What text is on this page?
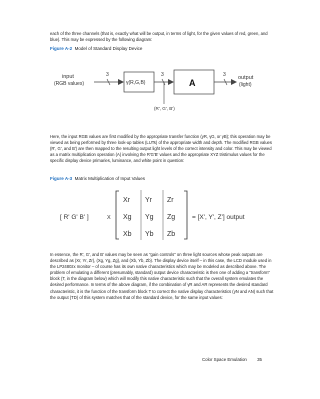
each of the three channels (that is, exactly what will be output, in terms of light, for the given values of red, green, and blue). This may be expressed by the following diagram:

Figure A-2 Model of Standard Display Device

input
(RGB values)
3
γ(R,G,B)
3
(R', G', B')
A
3 output
(light)

Here, the input RGB values are first modified by the appropriate transfer function (γR, γG, or γB); this operation may be viewed as being performed by three look-up tables (LUTs) of the appropriate width and depth. The modified RGB values (R', G', and B') are then mapped to the resulting output light levels of the correct intensity and color. This may be viewed as a matrix multiplication operation (A) involving the R'G'B' values and the appropriate XYZ tristimulus values for the specific display device primaries, luminance, and white point in question:

Figure A-3 Matrix Multiplication of Input Values

[ R' G' B' ]	X
Xr Yr Zr
Xg Yg Zg
Xb Yb Zb
= [X', Y', Z'] output

In essence, the R', G', and B' values may be seen as "gain controls" on three light sources whose peak outputs are described as (Xr, Yr, Zr), (Xg, Yg, Zg), and (Xb, Yb, Zb). The display device itself – in this case, the LCD module used in the LP2480zx monitor – of course has its own native characteristics which may be modeled as described above. The problem of emulating a different (presumably, standard) output device characteristic is then one of adding a "transform" block (T, in the diagram below) which will modify this native characteristic such that the overall system emulates the desired performance. In terms of the above diagram, if the combination of γR and AR represents the desired standard characteristic, it is the function of the transform block T to correct the native display characteristics (γN and AN) such that the output (TD) of this system matches that of the standard device, for the same input values:

Color Space Emulation 35
